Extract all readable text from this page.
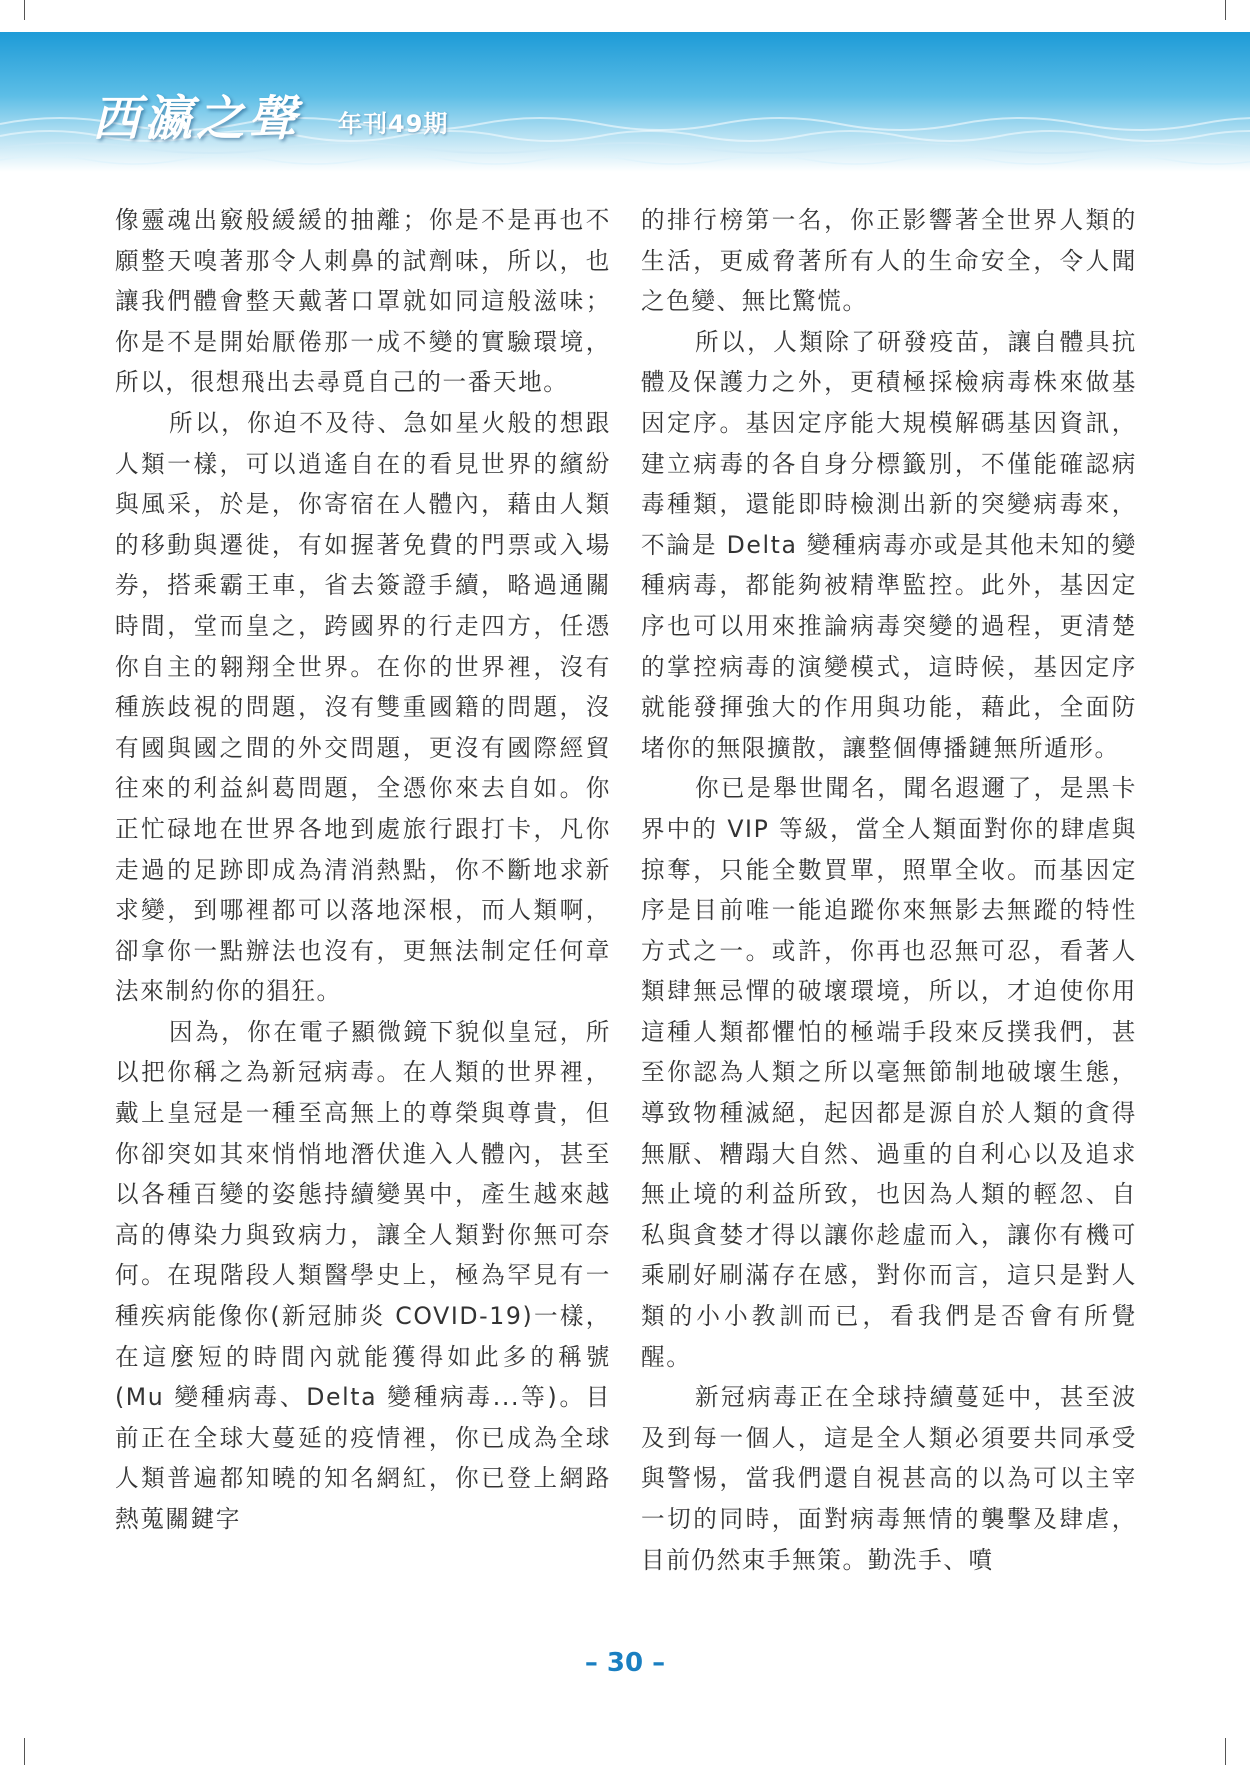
西瀛之聲 年刊49期

像靈魂出竅般緩緩的抽離；你是不是再也不願整天嗅著那令人刺鼻的試劑味，所以，也讓我們體會整天戴著口罩就如同這般滋味；你是不是開始厭倦那一成不變的實驗環境，所以，很想飛出去尋覓自己的一番天地。

所以，你迫不及待、急如星火般的想跟人類一樣，可以逍遙自在的看見世界的繽紛與風采，於是，你寄宿在人體內，藉由人類的移動與遷徙，有如握著免費的門票或入場券，搭乘霸王車，省去簽證手續，略過通關時間，堂而皇之，跨國界的行走四方，任憑你自主的翱翔全世界。在你的世界裡，沒有種族歧視的問題，沒有雙重國籍的問題，沒有國與國之間的外交問題，更沒有國際經貿往來的利益糾葛問題，全憑你來去自如。你正忙碌地在世界各地到處旅行跟打卡，凡你走過的足跡即成為清消熱點，你不斷地求新求變，到哪裡都可以落地深根，而人類啊，卻拿你一點辦法也沒有，更無法制定任何章法來制約你的猖狂。

因為，你在電子顯微鏡下貌似皇冠，所以把你稱之為新冠病毒。在人類的世界裡，戴上皇冠是一種至高無上的尊榮與尊貴，但你卻突如其來悄悄地潛伏進入人體內，甚至以各種百變的姿態持續變異中，產生越來越高的傳染力與致病力，讓全人類對你無可奈何。在現階段人類醫學史上，極為罕見有一種疾病能像你(新冠肺炎 COVID-19)一樣，在這麼短的時間內就能獲得如此多的稱號(Mu 變種病毒、Delta 變種病毒...等)。目前正在全球大蔓延的疫情裡，你已成為全球人類普遍都知曉的知名網紅，你已登上網路熱蒐關鍵字

的排行榜第一名，你正影響著全世界人類的生活，更威脅著所有人的生命安全，令人聞之色變、無比驚慌。

所以，人類除了研發疫苗，讓自體具抗體及保護力之外，更積極採檢病毒株來做基因定序。基因定序能大規模解碼基因資訊，建立病毒的各自身分標籤別，不僅能確認病毒種類，還能即時檢測出新的突變病毒來，不論是 Delta 變種病毒亦或是其他未知的變種病毒，都能夠被精準監控。此外，基因定序也可以用來推論病毒突變的過程，更清楚的掌控病毒的演變模式，這時候，基因定序就能發揮強大的作用與功能，藉此，全面防堵你的無限擴散，讓整個傳播鏈無所遁形。

你已是舉世聞名，聞名遐邇了，是黑卡界中的 VIP 等級，當全人類面對你的肆虐與掠奪，只能全數買單，照單全收。而基因定序是目前唯一能追蹤你來無影去無蹤的特性方式之一。或許，你再也忍無可忍，看著人類肆無忌憚的破壞環境，所以，才迫使你用這種人類都懼怕的極端手段來反撲我們，甚至你認為人類之所以毫無節制地破壞生態，導致物種滅絕，起因都是源自於人類的貪得無厭、糟蹋大自然、過重的自利心以及追求無止境的利益所致，也因為人類的輕忽、自私與貪婪才得以讓你趁虛而入，讓你有機可乘刷好刷滿存在感，對你而言，這只是對人類的小小教訓而已，看我們是否會有所覺醒。

新冠病毒正在全球持續蔓延中，甚至波及到每一個人，這是全人類必須要共同承受與警惕，當我們還自視甚高的以為可以主宰一切的同時，面對病毒無情的襲擊及肆虐，目前仍然束手無策。勤洗手、噴

– 30 –
